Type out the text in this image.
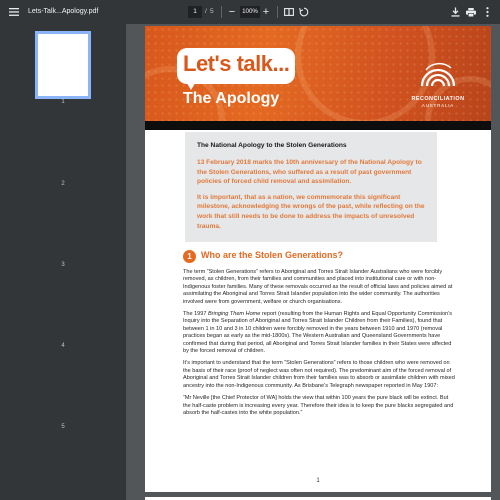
Lets-Talk...Apology.pdf	1	/ 5	−	100% +
1
2
3
4
5
Let's talk...
The Apology	RECONCILIATION
AUSTRALIA
The National Apology to the Stolen Generations
13 February 2018 marks the 10th anniversary of the National Apology to the Stolen Generations, who suffered as a result of past government policies of forced child removal and assimilation.
It is important, that as a nation, we commemorate this significant milestone, acknowledging the wrongs of the past, while reflecting on the work that still needs to be done to address the impacts of unresolved trauma.
1	Who are the Stolen Generations?

The term “Stolen Generations” refers to Aboriginal and Torres Strait Islander Australians who were forcibly removed, as children, from their families and communities and placed into institutional care or with non-Indigenous foster families. Many of these removals occurred as the result of official laws and policies aimed at assimilating the Aboriginal and Torres Strait Islander population into the wider community. The authorities involved were from government, welfare or church organisations.

The 1997 Bringing Them Home report (resulting from the Human Rights and Equal Opportunity Commission’s Inquiry into the Separation of Aboriginal and Torres Strait Islander Children from their Families), found that between 1 in 10 and 3 in 10 children were forcibly removed in the years between 1910 and 1970 (removal practices began as early as the mid-1800s). The Western Australian and Queensland Governments have confirmed that during that period, all Aboriginal and Torres Strait Islander families in their States were affected by the forced removal of children.

It’s important to understand that the term “Stolen Generations” refers to those children who were removed on the basis of their race (proof of neglect was often not required). The predominant aim of the forced removal of Aboriginal and Torres Strait Islander children from their families was to absorb or assimilate children with mixed ancestry into the non-Indigenous community. As Brisbane’s Telegraph newspaper reported in May 1907:

“Mr Neville [the Chief Protector of WA] holds the view that within 100 years the pure black will be extinct. But the half-caste problem is increasing every year. Therefore their idea is to keep the pure blacks segregated and absorb the half-castes into the white population.”

1
